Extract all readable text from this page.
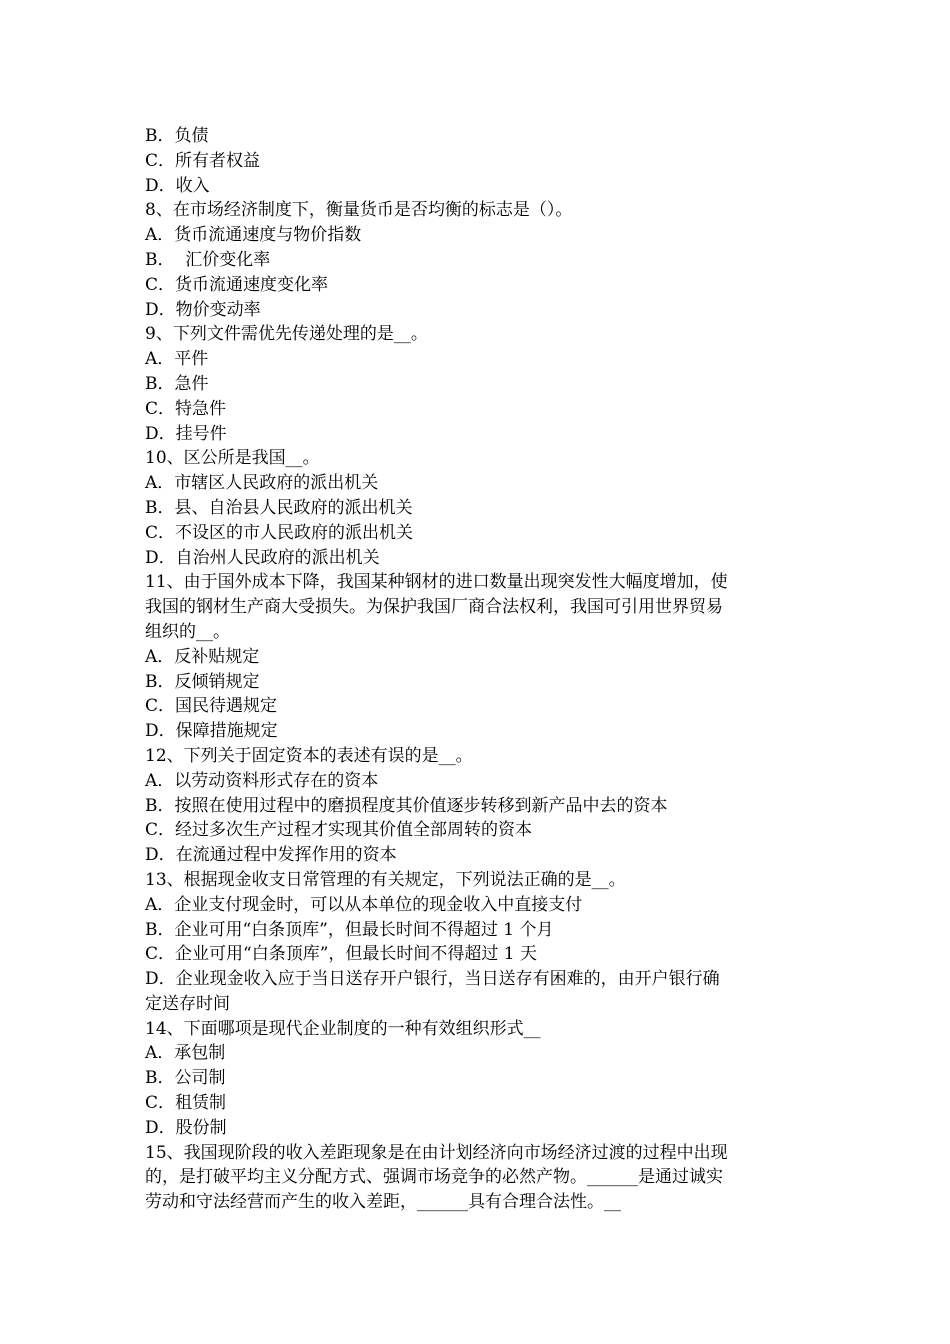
B．负债
C．所有者权益
D．收入
8、在市场经济制度下，衡量货币是否均衡的标志是（）。
A．货币流通速度与物价指数
B．  汇价变化率
C．货币流通速度变化率
D．物价变动率
9、下列文件需优先传递处理的是__。
A．平件
B．急件
C．特急件
D．挂号件
10、区公所是我国__。
A．市辖区人民政府的派出机关
B．县、自治县人民政府的派出机关
C．不设区的市人民政府的派出机关
D．自治州人民政府的派出机关
11、由于国外成本下降，我国某种钢材的进口数量出现突发性大幅度增加，使
我国的钢材生产商大受损失。为保护我国厂商合法权利，我国可引用世界贸易
组织的__。
A．反补贴规定
B．反倾销规定
C．国民待遇规定
D．保障措施规定
12、下列关于固定资本的表述有误的是__。
A．以劳动资料形式存在的资本
B．按照在使用过程中的磨损程度其价值逐步转移到新产品中去的资本
C．经过多次生产过程才实现其价值全部周转的资本
D．在流通过程中发挥作用的资本
13、根据现金收支日常管理的有关规定，下列说法正确的是__。
A．企业支付现金时，可以从本单位的现金收入中直接支付
B．企业可用“白条顶库”，但最长时间不得超过 1 个月
C．企业可用“白条顶库”，但最长时间不得超过 1 天
D．企业现金收入应于当日送存开户银行，当日送存有困难的，由开户银行确
定送存时间
14、下面哪项是现代企业制度的一种有效组织形式__
A．承包制
B．公司制
C．租赁制
D．股份制
15、我国现阶段的收入差距现象是在由计划经济向市场经济过渡的过程中出现
的，是打破平均主义分配方式、强调市场竞争的必然产物。______是通过诚实
劳动和守法经营而产生的收入差距，______具有合理合法性。__
